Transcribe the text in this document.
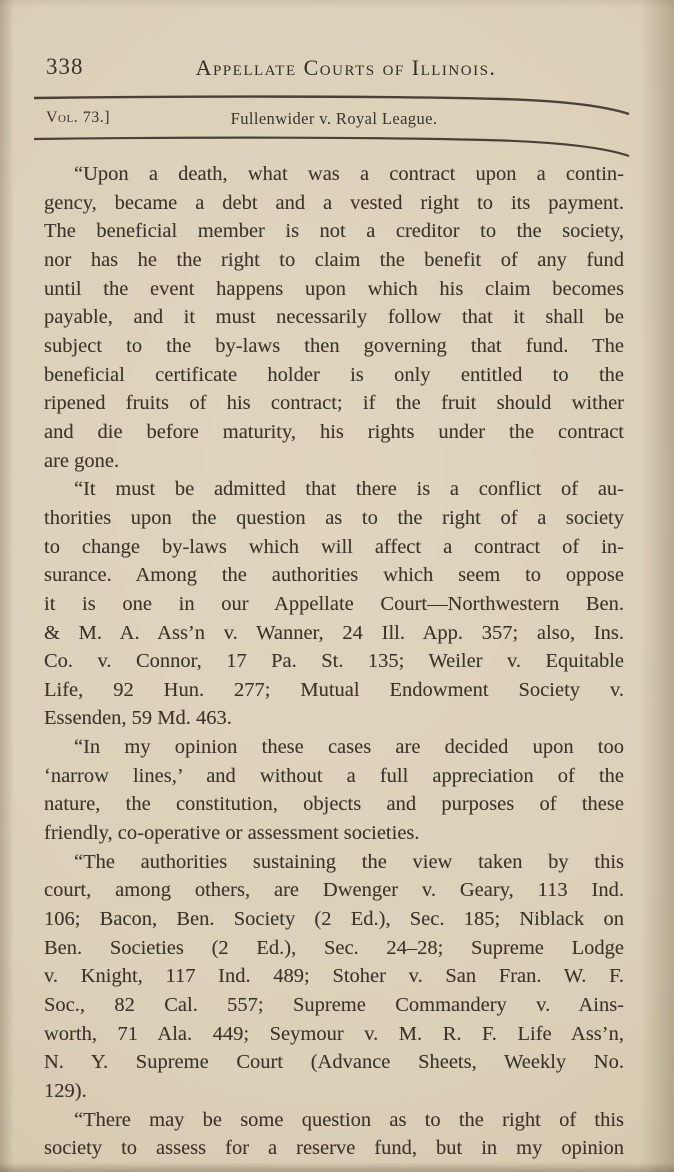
338	Appellate Courts of Illinois.
Vol. 73.]	Fullenwider v. Royal League.
“Upon a death, what was a contract upon a contin-
gency, became a debt and a vested right to its payment.
The beneficial member is not a creditor to the society,
nor has he the right to claim the benefit of any fund
until the event happens upon which his claim becomes
payable, and it must necessarily follow that it shall be
subject to the by-laws then governing that fund. The
beneficial certificate holder is only entitled to the
ripened fruits of his contract; if the fruit should wither
and die before maturity, his rights under the contract
are gone.
“It must be admitted that there is a conflict of au-
thorities upon the question as to the right of a society
to change by-laws which will affect a contract of in-
surance. Among the authorities which seem to oppose
it is one in our Appellate Court—Northwestern Ben.
& M. A. Ass’n v. Wanner, 24 Ill. App. 357; also, Ins.
Co. v. Connor, 17 Pa. St. 135; Weiler v. Equitable
Life, 92 Hun. 277; Mutual Endowment Society v.
Essenden, 59 Md. 463.
“In my opinion these cases are decided upon too
‘narrow lines,’ and without a full appreciation of the
nature, the constitution, objects and purposes of these
friendly, co-operative or assessment societies.
“The authorities sustaining the view taken by this
court, among others, are Dwenger v. Geary, 113 Ind.
106; Bacon, Ben. Society (2 Ed.), Sec. 185; Niblack on
Ben. Societies (2 Ed.), Sec. 24–28; Supreme Lodge
v. Knight, 117 Ind. 489; Stoher v. San Fran. W. F.
Soc., 82 Cal. 557; Supreme Commandery v. Ains-
worth, 71 Ala. 449; Seymour v. M. R. F. Life Ass’n,
N. Y. Supreme Court (Advance Sheets, Weekly No.
129).
“There may be some question as to the right of this
society to assess for a reserve fund, but in my opinion
